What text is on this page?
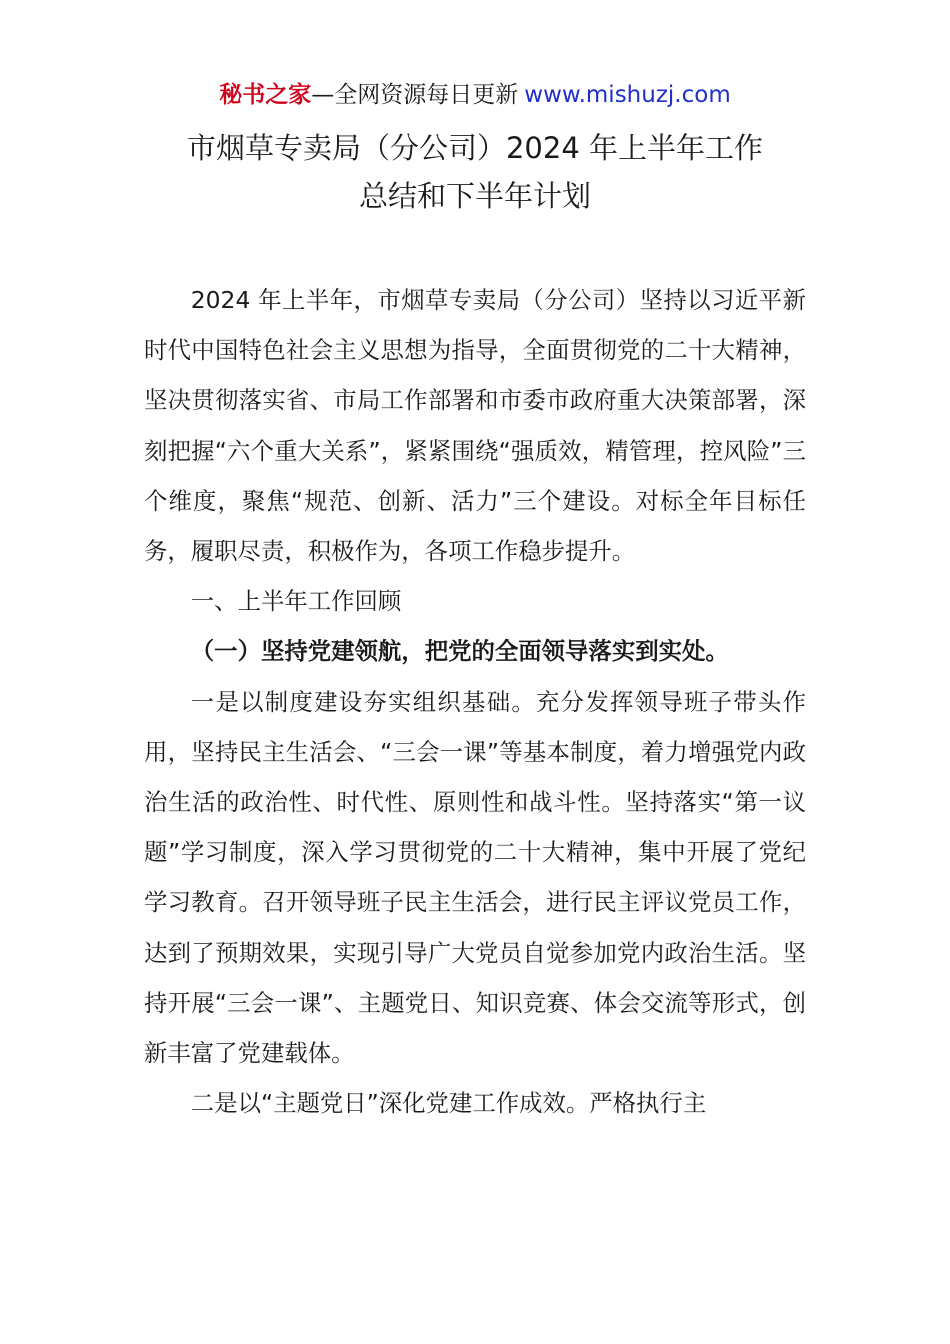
秘书之家—全网资源每日更新 www.mishuzj.com
市烟草专卖局（分公司）2024 年上半年工作
总结和下半年计划

2024 年上半年，市烟草专卖局（分公司）坚持以习近平新时代中国特色社会主义思想为指导，全面贯彻党的二十大精神，坚决贯彻落实省、市局工作部署和市委市政府重大决策部署，深刻把握“六个重大关系”，紧紧围绕“强质效，精管理，控风险”三个维度，聚焦“规范、创新、活力”三个建设。对标全年目标任务，履职尽责，积极作为，各项工作稳步提升。

一、上半年工作回顾

（一）坚持党建领航，把党的全面领导落实到实处。

一是以制度建设夯实组织基础。充分发挥领导班子带头作用，坚持民主生活会、“三会一课”等基本制度，着力增强党内政治生活的政治性、时代性、原则性和战斗性。坚持落实“第一议题”学习制度，深入学习贯彻党的二十大精神，集中开展了党纪学习教育。召开领导班子民主生活会，进行民主评议党员工作，达到了预期效果，实现引导广大党员自觉参加党内政治生活。坚持开展“三会一课”、主题党日、知识竞赛、体会交流等形式，创新丰富了党建载体。

二是以“主题党日”深化党建工作成效。严格执行主
